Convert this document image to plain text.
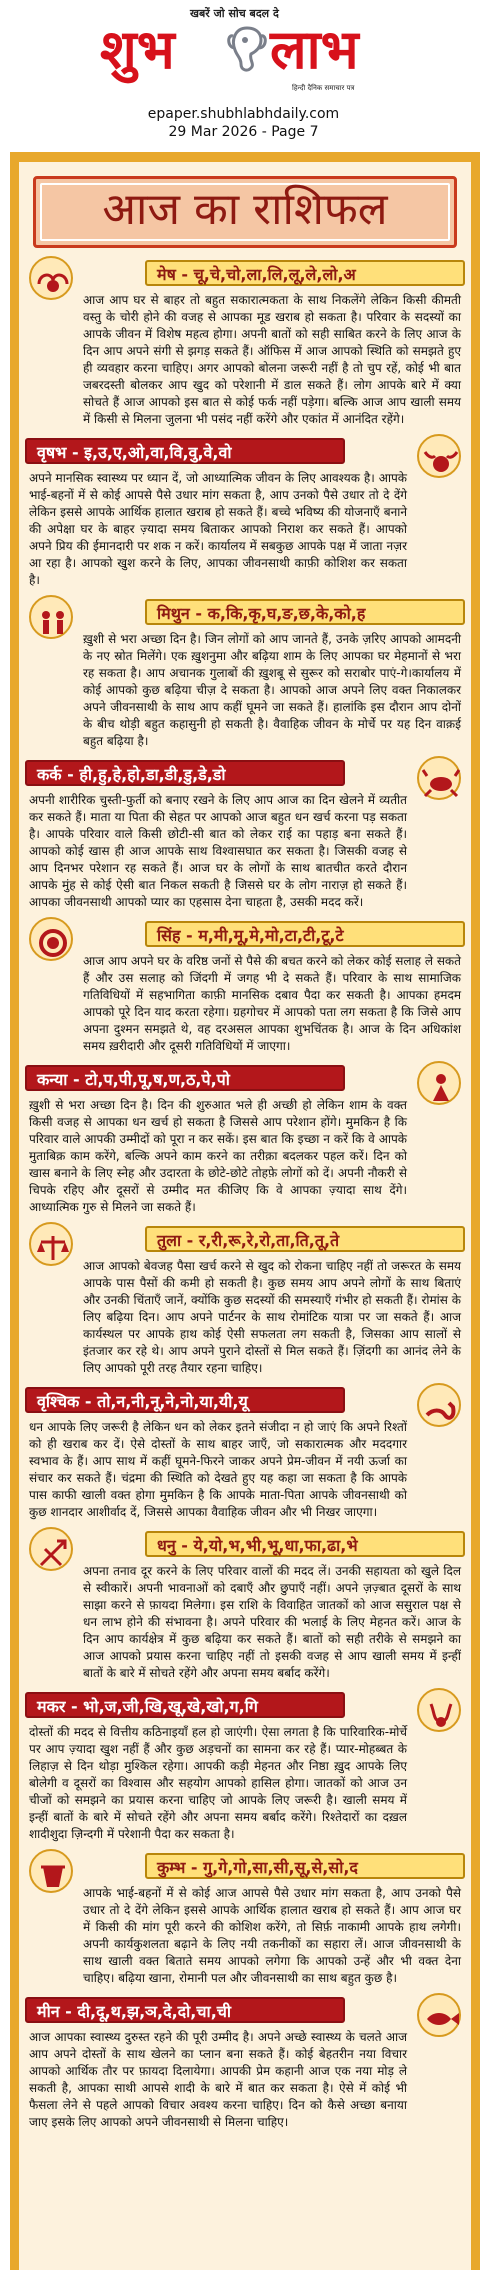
खबरें जो सोच बदल दे
शुभ लाभ
हिन्दी दैनिक समाचार पत्र
epaper.shubhlabhdaily.com
29 Mar 2026 - Page 7
आज का राशिफल
मेष - चू,चे,चो,ला,लि,लू,ले,लो,अ
आज आप घर से बाहर तो बहुत सकारात्मकता के साथ निकलेंगे लेकिन किसी कीमती वस्तु के चोरी होने की वजह से आपका मूड खराब हो सकता है। परिवार के सदस्यों का आपके जीवन में विशेष महत्व होगा। अपनी बातों को सही साबित करने के लिए आज के दिन आप अपने संगी से झगड़ सकते हैं। ऑफिस में आज आपको स्थिति को समझते हुए ही व्यवहार करना चाहिए। अगर आपको बोलना जरूरी नहीं है तो चुप रहें, कोई भी बात जबरदस्ती बोलकर आप खुद को परेशानी में डाल सकते हैं। लोग आपके बारे में क्या सोचते हैं आज आपको इस बात से कोई फर्क नहीं पड़ेगा। बल्कि आज आप खाली समय में किसी से मिलना जुलना भी पसंद नहीं करेंगे और एकांत में आनंदित रहेंगे।
वृषभ - इ,उ,ए,ओ,वा,वि,वु,वे,वो
अपने मानसिक स्वास्थ्य पर ध्यान दें, जो आध्यात्मिक जीवन के लिए आवश्यक है। आपके भाई-बहनों में से कोई आपसे पैसे उधार मांग सकता है, आप उनको पैसे उधार तो दे देंगे लेकिन इससे आपके आर्थिक हालात खराब हो सकते हैं। बच्चे भविष्य की योजनाएँ बनाने की अपेक्षा घर के बाहर ज़्यादा समय बिताकर आपको निराश कर सकते हैं। आपको अपने प्रिय की ईमानदारी पर शक न करें। कार्यालय में सबकुछ आपके पक्ष में जाता नज़र आ रहा है। आपको खुश करने के लिए, आपका जीवनसाथी काफ़ी कोशिश कर सकता है।
मिथुन - क,कि,कृ,घ,ङ,छ,के,को,ह
ख़ुशी से भरा अच्छा दिन है। जिन लोगों को आप जानते हैं, उनके ज़रिए आपको आमदनी के नए स्रोत मिलेंगे। एक ख़ुशनुमा और बढ़िया शाम के लिए आपका घर मेहमानों से भरा रह सकता है। आप अचानक गुलाबों की ख़ुशबू से सुरूर को सराबोर पाएं-गे।कार्यालय में कोई आपको कुछ बढ़िया चीज़ दे सकता है। आपको आज अपने लिए वक्त निकालकर अपने जीवनसाथी के साथ आप कहीं घूमने जा सकते हैं। हालांकि इस दौरान आप दोनों के बीच थोड़ी बहुत कहासुनी हो सकती है। वैवाहिक जीवन के मोर्चे पर यह दिन वाक़ई बहुत बढ़िया है।
कर्क - ही,हु,हे,हो,डा,डी,डु,डे,डो
अपनी शारीरिक चुस्ती-फुर्ती को बनाए रखने के लिए आप आज का दिन खेलने में व्यतीत कर सकते हैं। माता या पिता की सेहत पर आपको आज बहुत धन खर्च करना पड़ सकता है। आपके परिवार वाले किसी छोटी-सी बात को लेकर राई का पहाड़ बना सकते हैं। आपको कोई खास ही आज आपके साथ विश्वासघात कर सकता है। जिसकी वजह से आप दिनभर परेशान रह सकते हैं। आज घर के लोगों के साथ बातचीत करते दौरान आपके मुंह से कोई ऐसी बात निकल सकती है जिससे घर के लोग नाराज़ हो सकते हैं। आपका जीवनसाथी आपको प्यार का एहसास देना चाहता है, उसकी मदद करें।
सिंह - म,मी,मू,मे,मो,टा,टी,टू,टे
आज आप अपने घर के वरिष्ठ जनों से पैसे की बचत करने को लेकर कोई सलाह ले सकते हैं और उस सलाह को जिंदगी में जगह भी दे सकते हैं। परिवार के साथ सामाजिक गतिविधियों में सहभागिता काफ़ी मानसिक दबाव पैदा कर सकती है। आपका हमदम आपको पूरे दिन याद करता रहेगा। ग्रहगोचर में आपको पता लग सकता है कि जिसे आप अपना दुश्मन समझते थे, वह दरअसल आपका शुभचिंतक है। आज के दिन अधिकांश समय ख़रीदारी और दूसरी गतिविधियों में जाएगा।
कन्या - टो,प,पी,पू,ष,ण,ठ,पे,पो
ख़ुशी से भरा अच्छा दिन है। दिन की शुरुआत भले ही अच्छी हो लेकिन शाम के वक्त किसी वजह से आपका धन खर्च हो सकता है जिससे आप परेशान होंगे। मुमकिन है कि परिवार वाले आपकी उम्मीदों को पूरा न कर सकें। इस बात कि इच्छा न करें कि वे आपके मुताबिक़ काम करेंगे, बल्कि अपने काम करने का तरीक़ा बदलकर पहल करें। दिन को खास बनाने के लिए स्नेह और उदारता के छोटे-छोटे तोहफ़े लोगों को दें। अपनी नौकरी से चिपके रहिए और दूसरों से उम्मीद मत कीजिए कि वे आपका ज़्यादा साथ देंगे। आध्यात्मिक गुरु से मिलने जा सकते हैं।
तुला - र,री,रू,रे,रो,ता,ति,तू,ते
आज आपको बेवजह पैसा खर्च करने से खुद को रोकना चाहिए नहीं तो जरूरत के समय आपके पास पैसों की कमी हो सकती है। कुछ समय आप अपने लोगों के साथ बिताएं और उनकी चिंताएँ जानें, क्योंकि कुछ सदस्यों की समस्याएँ गंभीर हो सकती हैं। रोमांस के लिए बढ़िया दिन। आप अपने पार्टनर के साथ रोमांटिक यात्रा पर जा सकते हैं। आज कार्यस्थल पर आपके हाथ कोई ऐसी सफलता लग सकती है, जिसका आप सालों से इंतजार कर रहे थे। आप अपने पुराने दोस्तों से मिल सकते हैं। ज़िंदगी का आनंद लेने के लिए आपको पूरी तरह तैयार रहना चाहिए।
वृश्चिक - तो,न,नी,नू,ने,नो,या,यी,यू
धन आपके लिए जरूरी है लेकिन धन को लेकर इतने संजीदा न हो जाएं कि अपने रिश्तों को ही खराब कर दें। ऐसे दोस्तों के साथ बाहर जाएँ, जो सकारात्मक और मददगार स्वभाव के हैं। आप साथ में कहीं घूमने-फिरने जाकर अपने प्रेम-जीवन में नयी ऊर्जा का संचार कर सकते हैं। चंद्रमा की स्थिति को देखते हुए यह कहा जा सकता है कि आपके पास काफी खाली वक्त होगा मुमकिन है कि आपके माता-पिता आपके जीवनसाथी को कुछ शानदार आशीर्वाद दें, जिससे आपका वैवाहिक जीवन और भी निखर जाएगा।
धनु - ये,यो,भ,भी,भू,धा,फा,ढा,भे
अपना तनाव दूर करने के लिए परिवार वालों की मदद लें। उनकी सहायता को खुले दिल से स्वीकारें। अपनी भावनाओं को दबाएँ और छुपाएँ नहीं। अपने ज़ज़्बात दूसरों के साथ साझा करने से फ़ायदा मिलेगा। इस राशि के विवाहित जातकों को आज ससुराल पक्ष से धन लाभ होने की संभावना है। अपने परिवार की भलाई के लिए मेहनत करें। आज के दिन आप कार्यक्षेत्र में कुछ बढ़िया कर सकते हैं। बातों को सही तरीके से समझने का आज आपको प्रयास करना चाहिए नहीं तो इसकी वजह से आप खाली समय में इन्हीं बातों के बारे में सोचते रहेंगे और अपना समय बर्बाद करेंगे।
मकर - भो,ज,जी,खि,खू,खे,खो,ग,गि
दोस्तों की मदद से वित्तीय कठिनाइयाँ हल हो जाएंगी। ऐसा लगता है कि पारिवारिक-मोर्चे पर आप ज़्यादा खुश नहीं हैं और कुछ अड़चनों का सामना कर रहे हैं। प्यार-मोहब्बत के लिहाज़ से दिन थोड़ा मुश्किल रहेगा। आपकी कड़ी मेहनत और निष्ठा ख़ुद आपके लिए बोलेगी व दूसरों का विश्वास और सहयोग आपको हासिल होगा। जातकों को आज उन चीजों को समझने का प्रयास करना चाहिए जो आपके लिए जरूरी है। खाली समय में इन्हीं बातों के बारे में सोचते रहेंगे और अपना समय बर्बाद करेंगे। रिश्तेदारों का दख़ल शादीशुदा ज़िन्दगी में परेशानी पैदा कर सकता है।
कुम्भ - गु,गे,गो,सा,सी,सू,से,सो,द
आपके भाई-बहनों में से कोई आज आपसे पैसे उधार मांग सकता है, आप उनको पैसे उधार तो दे देंगे लेकिन इससे आपके आर्थिक हालात खराब हो सकते हैं। आप आज घर में किसी की मांग पूरी करने की कोशिश करेंगे, तो सिर्फ़ नाकामी आपके हाथ लगेगी। अपनी कार्यकुशलता बढ़ाने के लिए नयी तकनीकों का सहारा लें। आज जीवनसाथी के साथ खाली वक्त बिताते समय आपको लगेगा कि आपको उन्हें और भी वक्त देना चाहिए। बढ़िया खाना, रोमानी पल और जीवनसाथी का साथ बहुत कुछ है।
मीन - दी,दू,थ,झ,ञ,दे,दो,चा,ची
आज आपका स्वास्थ्य दुरुस्त रहने की पूरी उम्मीद है। अपने अच्छे स्वास्थ्य के चलते आज आप अपने दोस्तों के साथ खेलने का प्लान बना सकते हैं। कोई बेहतरीन नया विचार आपको आर्थिक तौर पर फ़ायदा दिलायेगा। आपकी प्रेम कहानी आज एक नया मोड़ ले सकती है, आपका साथी आपसे शादी के बारे में बात कर सकता है। ऐसे में कोई भी फैसला लेने से पहले आपको विचार अवश्य करना चाहिए। दिन को कैसे अच्छा बनाया जाए इसके लिए आपको अपने जीवनसाथी से मिलना चाहिए।
